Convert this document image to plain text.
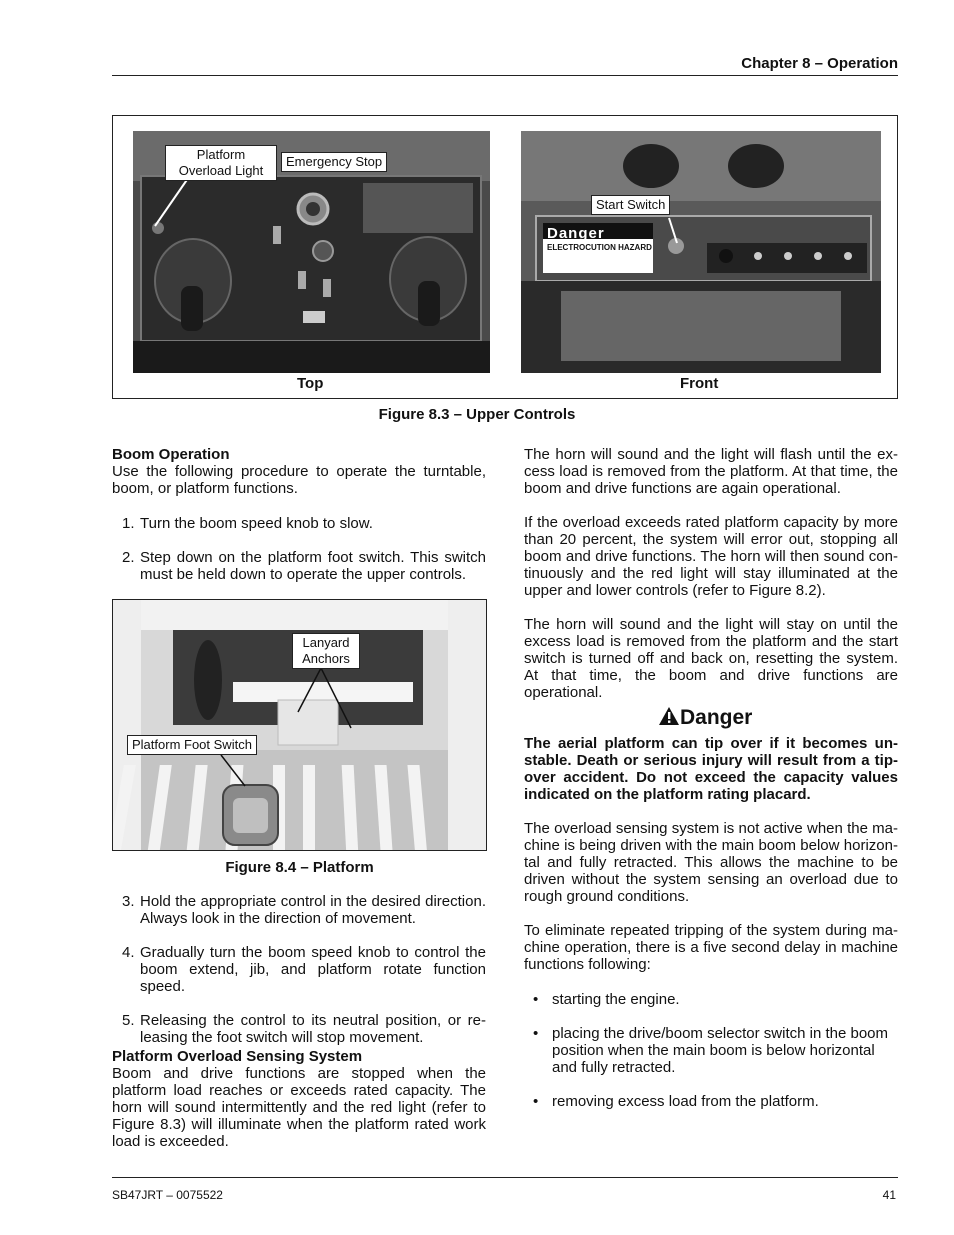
Chapter 8 – Operation
Platform
Overload Light
Emergency Stop
Danger
ELECTROCUTION HAZARD
Start Switch
Top	Front
Figure 8.3 – Upper Controls

Boom Operation

Use the following procedure to operate the turntable, boom, or platform functions.

1. Turn the boom speed knob to slow.

2. Step down on the platform foot switch. This switch must be held down to operate the upper controls.

Lanyard
Anchors
Platform Foot Switch
Figure 8.4 – Platform
3. Hold the appropriate control in the desired direction. Always look in the direction of movement.

4. Gradually turn the boom speed knob to control the boom extend, jib, and platform rotate function speed.

5. Releasing the control to its neutral position, or releasing the foot switch will stop movement.

Platform Overload Sensing System

Boom and drive functions are stopped when the platform load reaches or exceeds rated capacity. The horn will sound intermittently and the red light (refer to Figure 8.3) will illuminate when the platform rated work load is exceeded.

The horn will sound and the light will flash until the excess load is removed from the platform. At that time, the boom and drive functions are again operational.

If the overload exceeds rated platform capacity by more than 20 percent, the system will error out, stopping all boom and drive functions. The horn will then sound continuously and the red light will stay illuminated at the upper and lower controls (refer to Figure 8.2).

The horn will sound and the light will stay on until the excess load is removed from the platform and the start switch is turned off and back on, resetting the system. At that time, the boom and drive functions are operational.

Danger

The aerial platform can tip over if it becomes unstable. Death or serious injury will result from a tip-over accident. Do not exceed the capacity values indicated on the platform rating placard.

The overload sensing system is not active when the machine is being driven with the main boom below horizontal and fully retracted. This allows the machine to be driven without the system sensing an overload due to rough ground conditions.

To eliminate repeated tripping of the system during machine operation, there is a five second delay in machine functions following:

• starting the engine.

• placing the drive/boom selector switch in the boom position when the main boom is below horizontal and fully retracted.

• removing excess load from the platform.

SB47JRT – 0075522	41
